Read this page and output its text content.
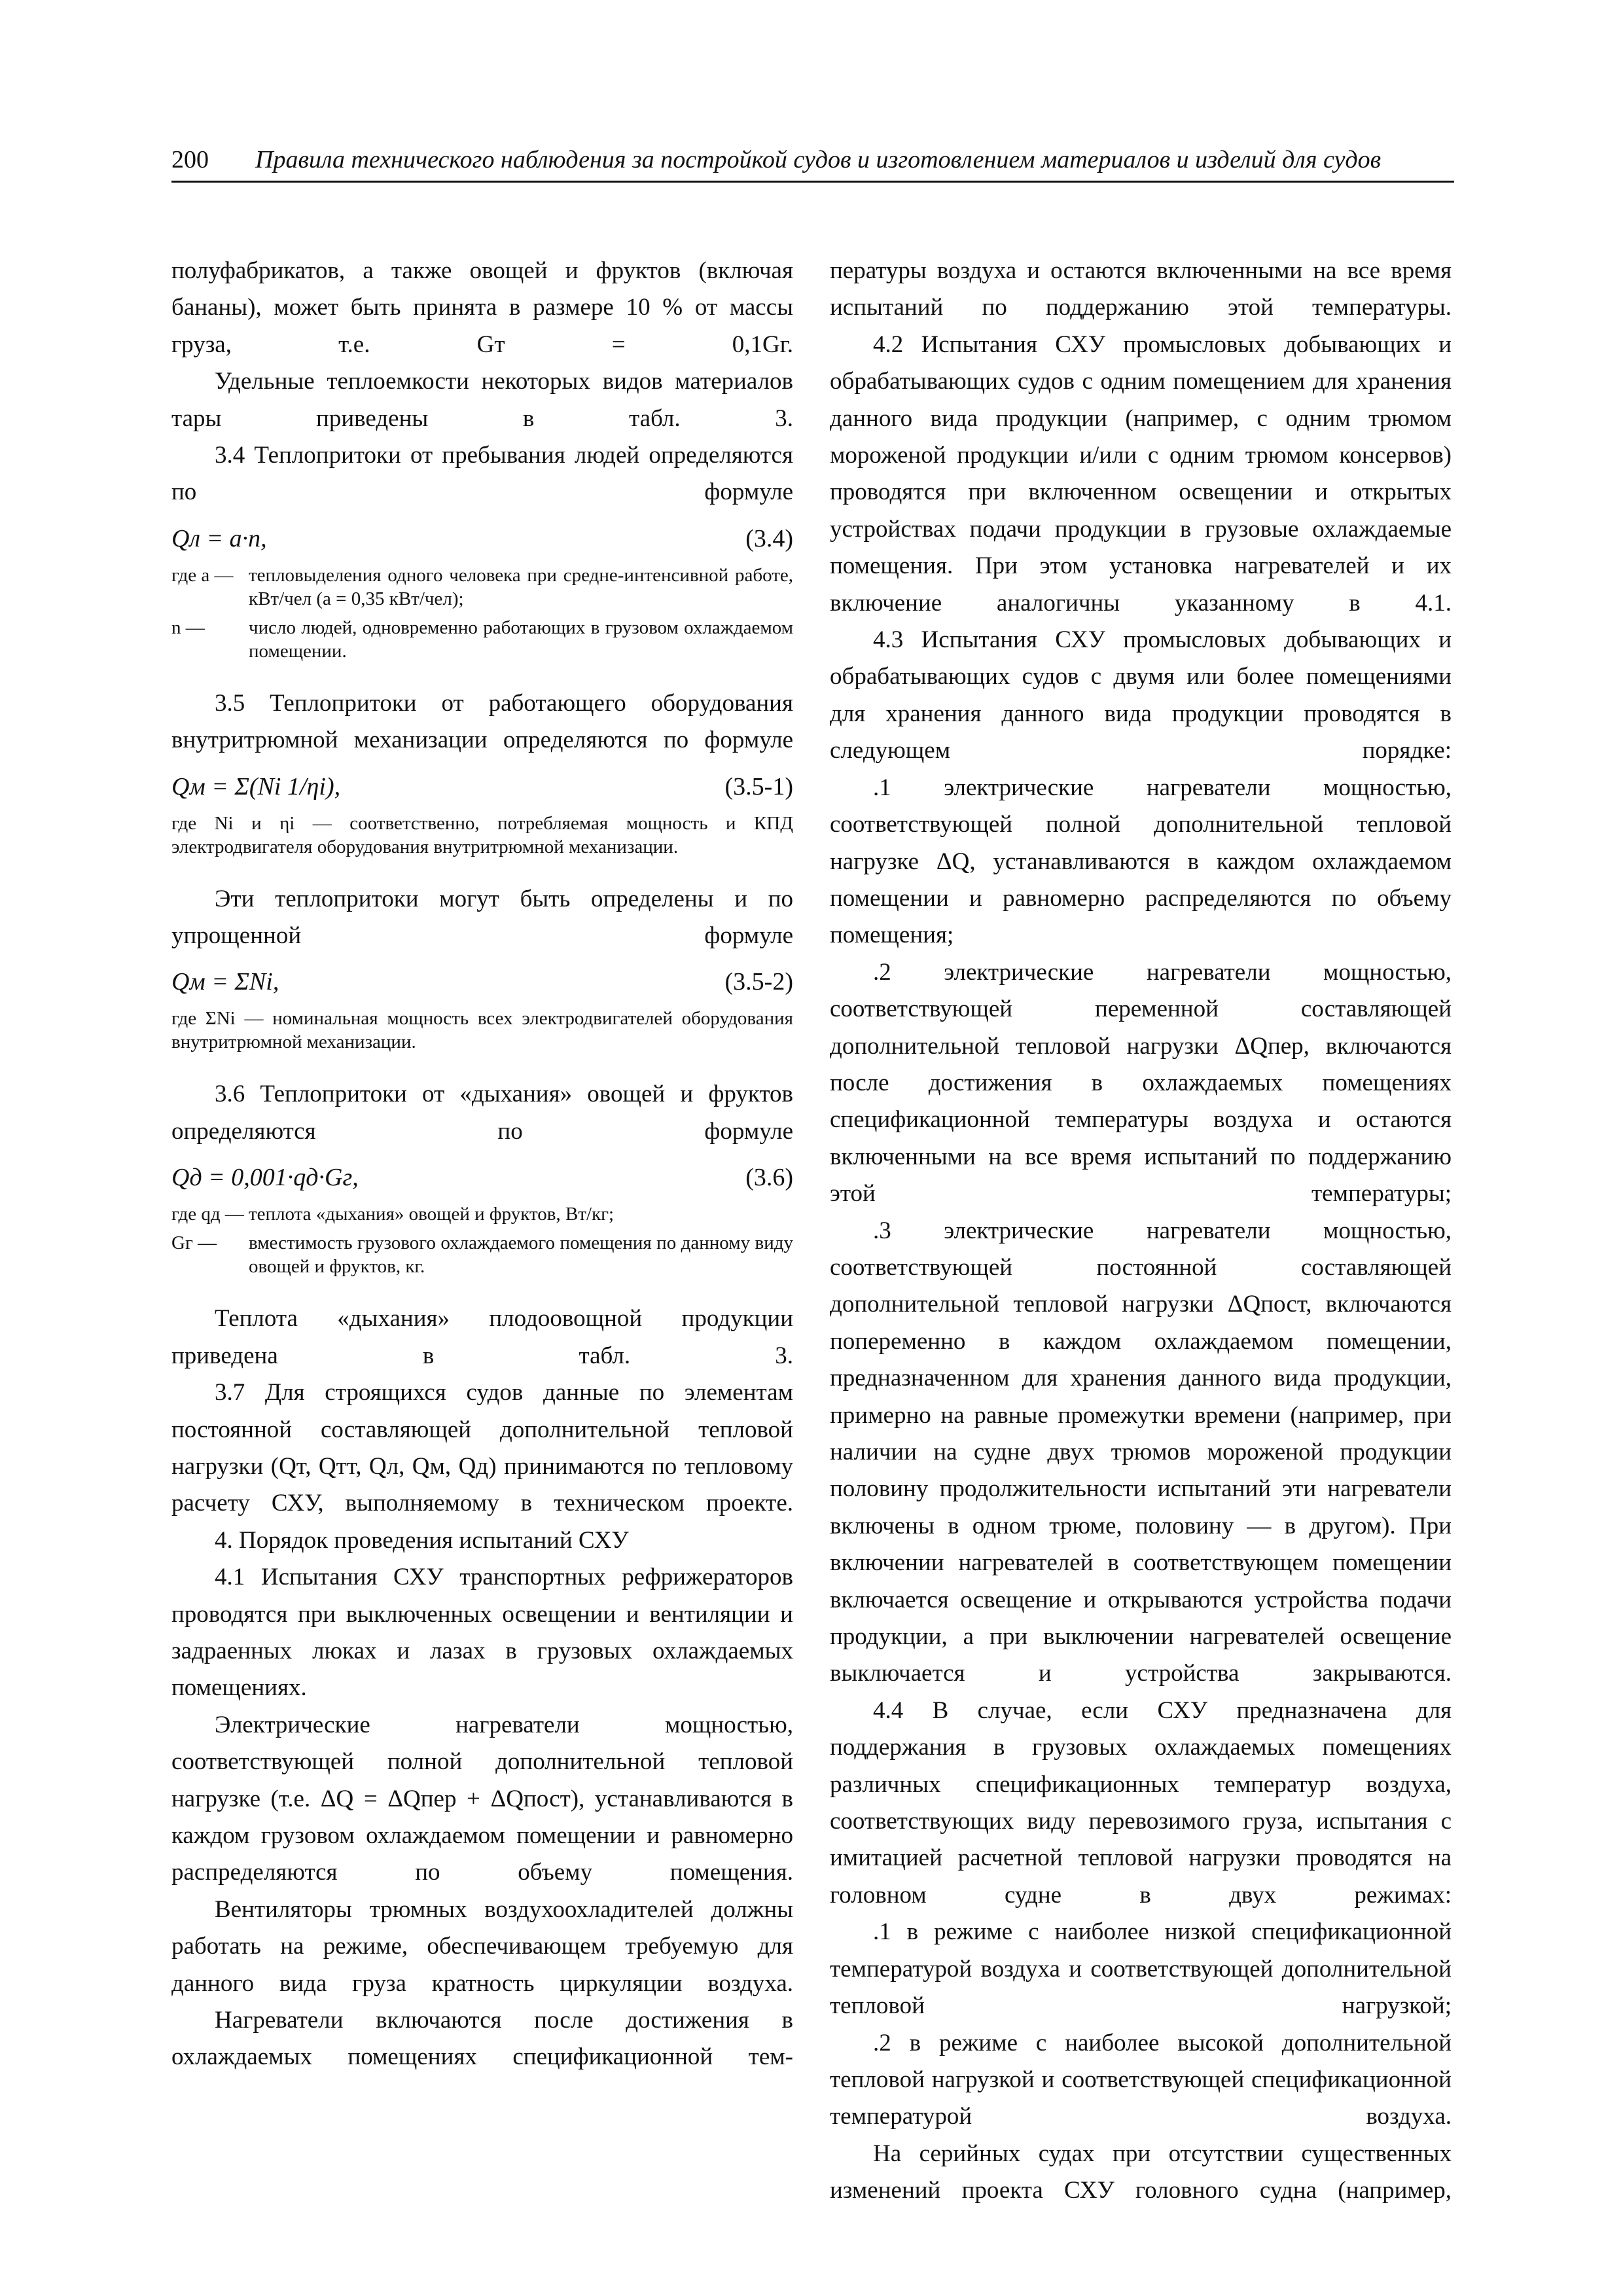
200 Правила технического наблюдения за постройкой судов и изготовлением материалов и изделий для судов
полуфабрикатов, а также овощей и фруктов (включая бананы), может быть принята в размере 10 % от массы груза, т.е. Gт = 0,1Gг.
Удельные теплоемкости некоторых видов материалов тары приведены в табл. 3.
3.4 Теплопритоки от пребывания людей определяются по формуле
Qл = a·n,	(3.4)
где a — тепловыделения одного человека при средне-интенсивной работе, кВт/чел (a = 0,35 кВт/чел);
n —	число людей, одновременно работающих в грузовом охлаждаемом помещении.
3.5 Теплопритоки от работающего оборудования внутритрюмной механизации определяются по формуле
Qм = Σ(Ni 1/ηi),	(3.5-1)
где Ni и ηi — соответственно, потребляемая мощность и КПД электродвигателя оборудования внутритрюмной механизации.
Эти теплопритоки могут быть определены и по упрощенной формуле
Qм = ΣNi,	(3.5-2)
где ΣNi — номинальная мощность всех электродвигателей оборудования внутритрюмной механизации.
3.6 Теплопритоки от «дыхания» овощей и фруктов определяются по формуле
Qд = 0,001·qд·Gг,	(3.6)
где qд — теплота «дыхания» овощей и фруктов, Вт/кг;
Gг —	вместимость грузового охлаждаемого помещения по данному виду овощей и фруктов, кг.
Теплота «дыхания» плодоовощной продукции приведена в табл. 3.
3.7 Для строящихся судов данные по элементам постоянной составляющей дополнительной тепловой нагрузки (Qт, Qтт, Qл, Qм, Qд) принимаются по тепловому расчету СХУ, выполняемому в техническом проекте.
4. Порядок проведения испытаний СХУ
4.1 Испытания СХУ транспортных рефрижераторов проводятся при выключенных освещении и вентиляции и задраенных люках и лазах в грузовых охлаждаемых помещениях.
Электрические нагреватели мощностью, соответствующей полной дополнительной тепловой нагрузке (т.е. ΔQ = ΔQпер + ΔQпост), устанавливаются в каждом грузовом охлаждаемом помещении и равномерно распределяются по объему помещения.
Вентиляторы трюмных воздухоохладителей должны работать на режиме, обеспечивающем требуемую для данного вида груза кратность циркуляции воздуха.
Нагреватели включаются после достижения в охлаждаемых помещениях спецификационной тем-
пературы воздуха и остаются включенными на все время испытаний по поддержанию этой температуры.
4.2 Испытания СХУ промысловых добывающих и обрабатывающих судов с одним помещением для хранения данного вида продукции (например, с одним трюмом мороженой продукции и/или с одним трюмом консервов) проводятся при включенном освещении и открытых устройствах подачи продукции в грузовые охлаждаемые помещения. При этом установка нагревателей и их включение аналогичны указанному в 4.1.
4.3 Испытания СХУ промысловых добывающих и обрабатывающих судов с двумя или более помещениями для хранения данного вида продукции проводятся в следующем порядке:
.1 электрические нагреватели мощностью, соответствующей полной дополнительной тепловой нагрузке ΔQ, устанавливаются в каждом охлаждаемом помещении и равномерно распределяются по объему помещения;
.2 электрические нагреватели мощностью, соответствующей переменной составляющей дополнительной тепловой нагрузки ΔQпер, включаются после достижения в охлаждаемых помещениях спецификационной температуры воздуха и остаются включенными на все время испытаний по поддержанию этой температуры;
.3 электрические нагреватели мощностью, соответствующей постоянной составляющей дополнительной тепловой нагрузки ΔQпост, включаются попеременно в каждом охлаждаемом помещении, предназначенном для хранения данного вида продукции, примерно на равные промежутки времени (например, при наличии на судне двух трюмов мороженой продукции половину продолжительности испытаний эти нагреватели включены в одном трюме, половину — в другом). При включении нагревателей в соответствующем помещении включается освещение и открываются устройства подачи продукции, а при выключении нагревателей освещение выключается и устройства закрываются.
4.4 В случае, если СХУ предназначена для поддержания в грузовых охлаждаемых помещениях различных спецификационных температур воздуха, соответствующих виду перевозимого груза, испытания с имитацией расчетной тепловой нагрузки проводятся на головном судне в двух режимах:
.1 в режиме с наиболее низкой спецификационной температурой воздуха и соответствующей дополнительной тепловой нагрузкой;
.2 в режиме с наиболее высокой дополнительной тепловой нагрузкой и соответствующей спецификационной температурой воздуха.
На серийных судах при отсутствии существенных изменений проекта СХУ головного судна (например,
